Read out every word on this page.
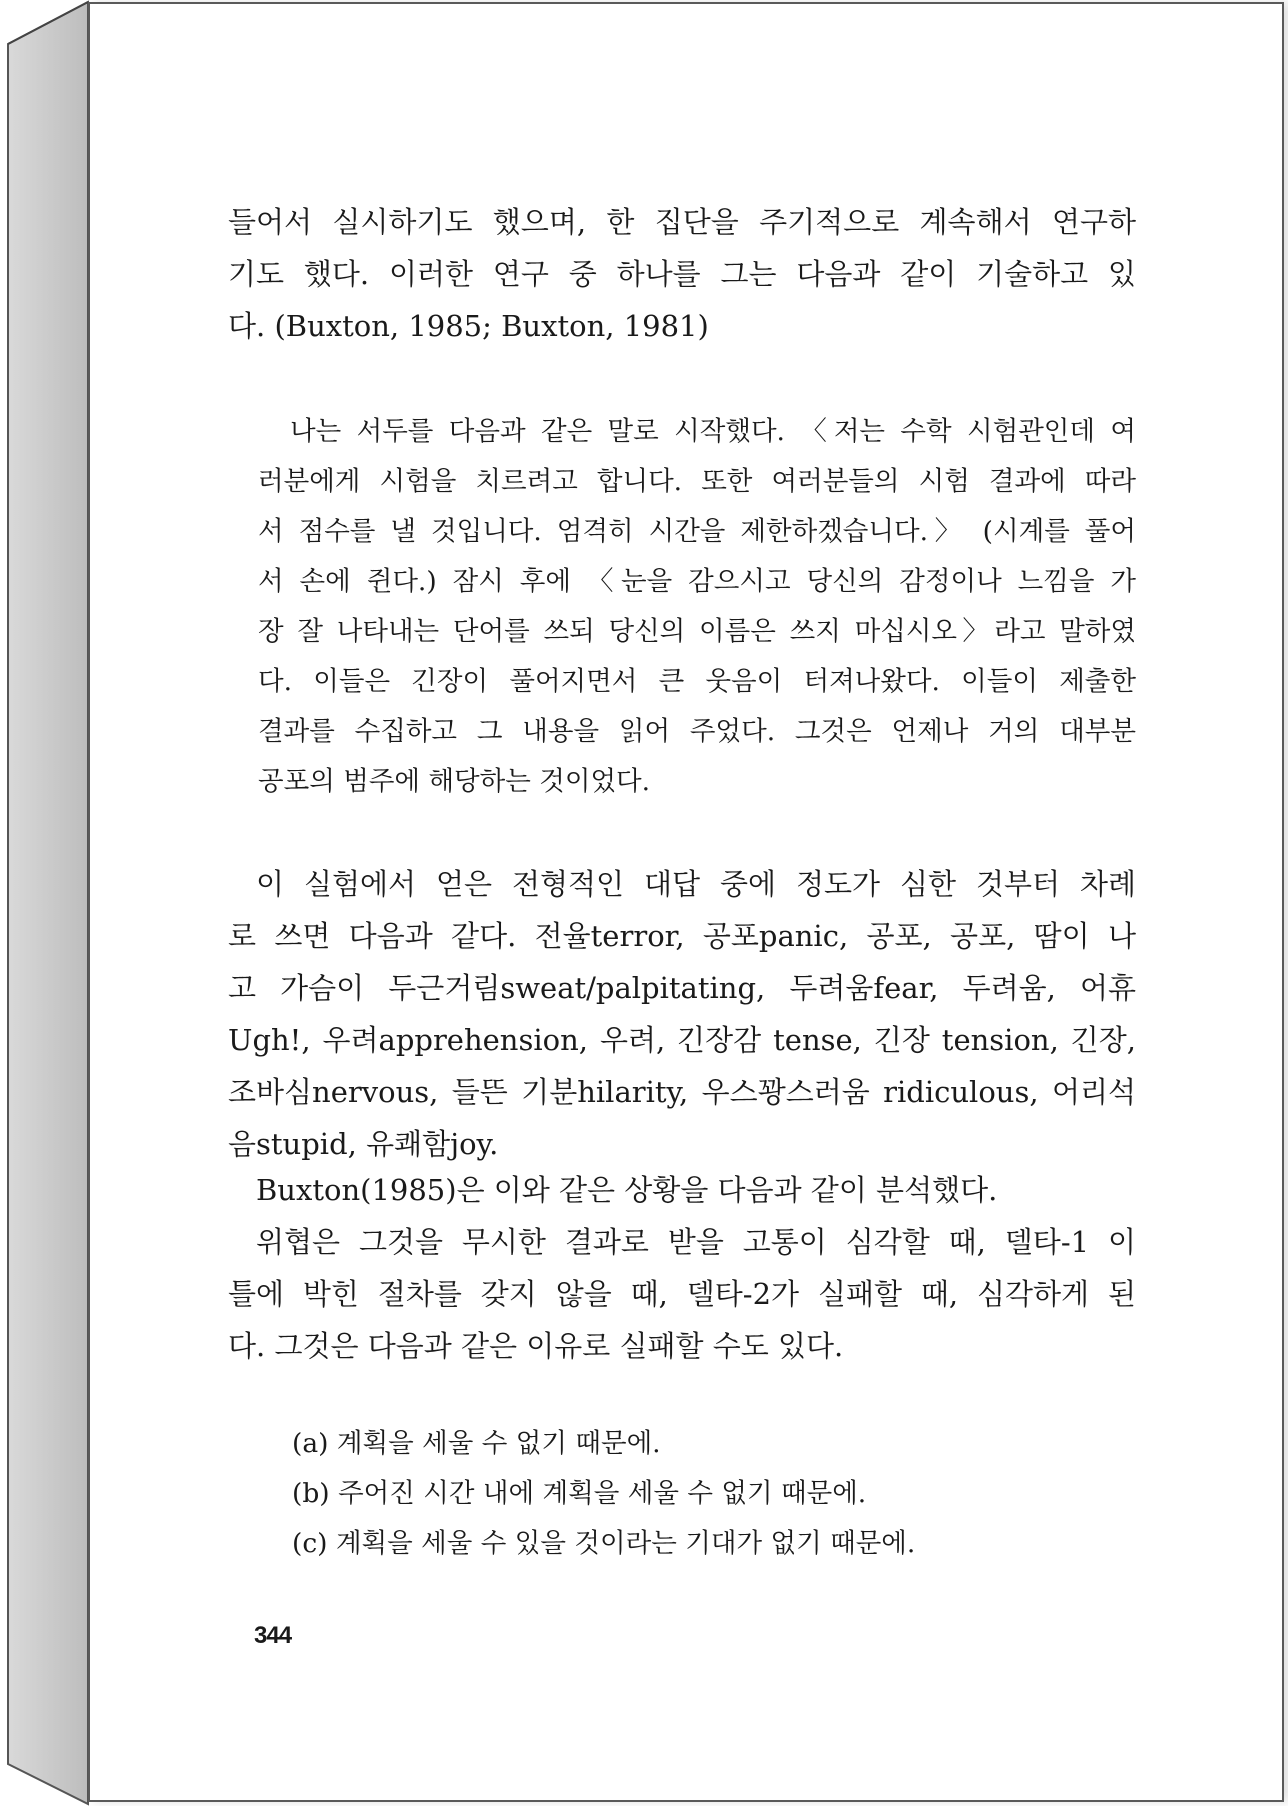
들어서 실시하기도 했으며, 한 집단을 주기적으로 계속해서 연구하
기도 했다. 이러한 연구 중 하나를 그는 다음과 같이 기술하고 있
다. (Buxton, 1985; Buxton, 1981)

나는 서두를 다음과 같은 말로 시작했다. 〈저는 수학 시험관인데 여
러분에게 시험을 치르려고 합니다. 또한 여러분들의 시험 결과에 따라
서 점수를 낼 것입니다. 엄격히 시간을 제한하겠습니다.〉 (시계를 풀어
서 손에 쥔다.) 잠시 후에 〈눈을 감으시고 당신의 감정이나 느낌을 가
장 잘 나타내는 단어를 쓰되 당신의 이름은 쓰지 마십시오〉라고 말하였
다. 이들은 긴장이 풀어지면서 큰 웃음이 터져나왔다. 이들이 제출한
결과를 수집하고 그 내용을 읽어 주었다. 그것은 언제나 거의 대부분
공포의 범주에 해당하는 것이었다.

이 실험에서 얻은 전형적인 대답 중에 정도가 심한 것부터 차례
로 쓰면 다음과 같다. 전율terror, 공포panic, 공포, 공포, 땀이 나
고 가슴이 두근거림sweat/palpitating, 두려움fear, 두려움, 어휴
Ugh!, 우려apprehension, 우려, 긴장감 tense, 긴장 tension, 긴장,
조바심nervous, 들뜬 기분hilarity, 우스꽝스러움 ridiculous, 어리석
음stupid, 유쾌함joy.

Buxton(1985)은 이와 같은 상황을 다음과 같이 분석했다.

위협은 그것을 무시한 결과로 받을 고통이 심각할 때, 델타-1 이
틀에 박힌 절차를 갖지 않을 때, 델타-2가 실패할 때, 심각하게 된
다. 그것은 다음과 같은 이유로 실패할 수도 있다.

(a) 계획을 세울 수 없기 때문에.
(b) 주어진 시간 내에 계획을 세울 수 없기 때문에.
(c) 계획을 세울 수 있을 것이라는 기대가 없기 때문에.
344
